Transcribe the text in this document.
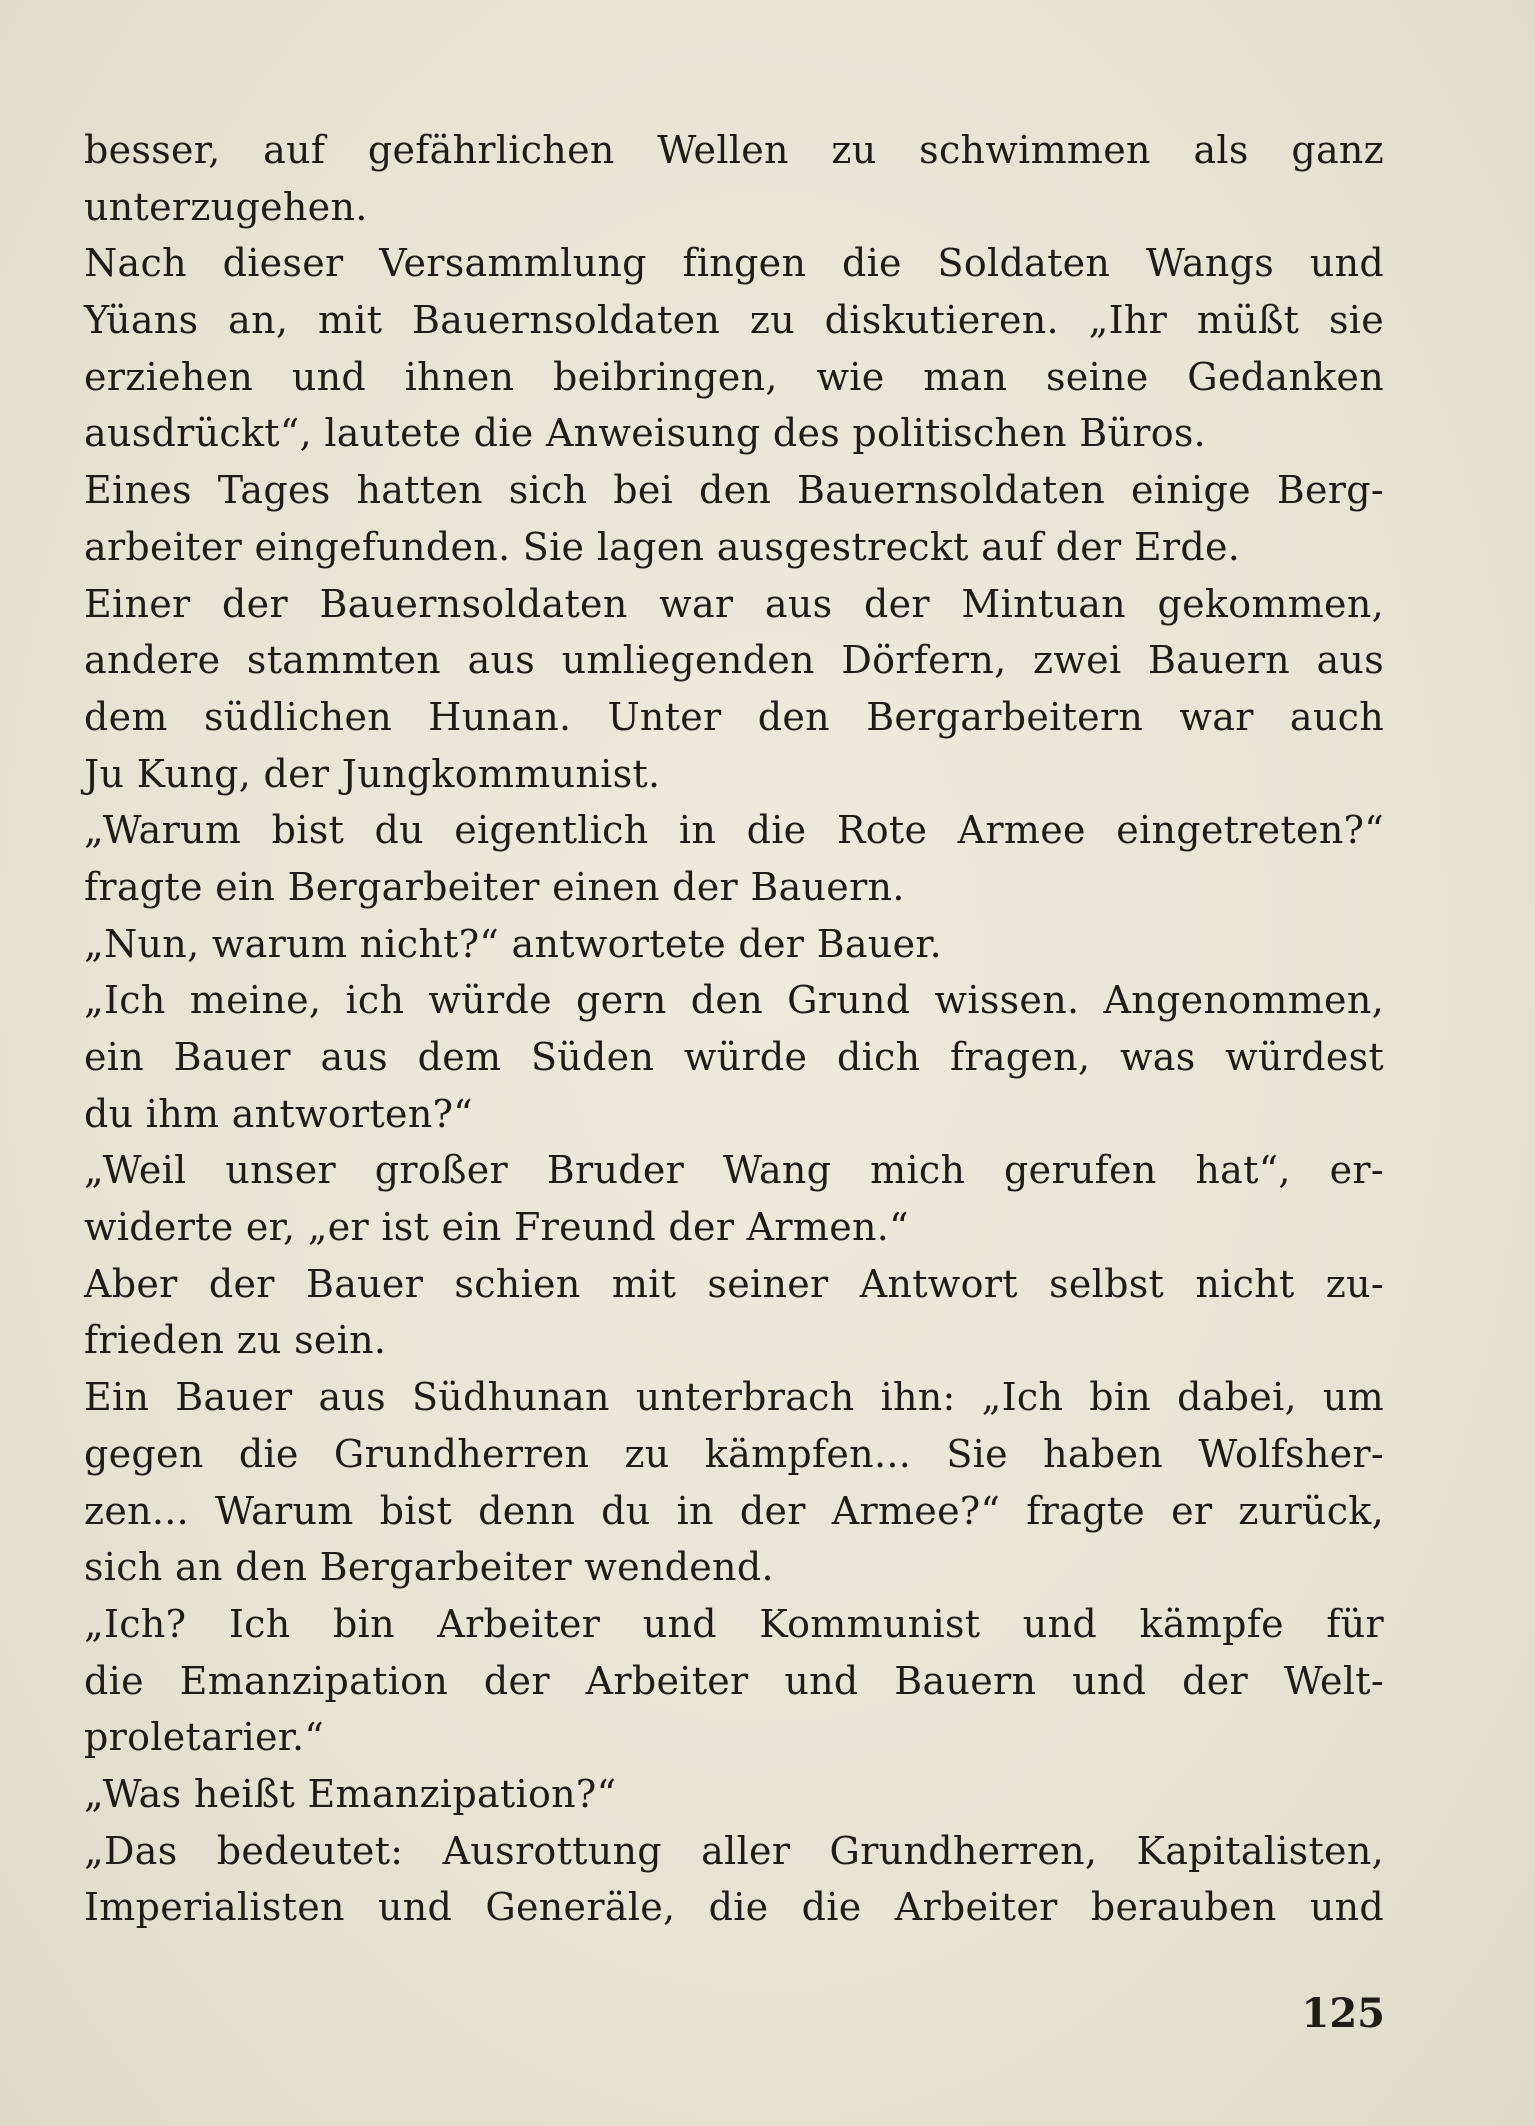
besser, auf gefährlichen Wellen zu schwimmen als ganz
unterzugehen.
Nach dieser Versammlung fingen die Soldaten Wangs und
Yüans an, mit Bauernsoldaten zu diskutieren. „Ihr müßt sie
erziehen und ihnen beibringen, wie man seine Gedanken
ausdrückt“, lautete die Anweisung des politischen Büros.
Eines Tages hatten sich bei den Bauernsoldaten einige Berg-
arbeiter eingefunden. Sie lagen ausgestreckt auf der Erde.
Einer der Bauernsoldaten war aus der Mintuan gekommen,
andere stammten aus umliegenden Dörfern, zwei Bauern aus
dem südlichen Hunan. Unter den Bergarbeitern war auch
Ju Kung, der Jungkommunist.
„Warum bist du eigentlich in die Rote Armee eingetreten?“
fragte ein Bergarbeiter einen der Bauern.
„Nun, warum nicht?“ antwortete der Bauer.
„Ich meine, ich würde gern den Grund wissen. Angenommen,
ein Bauer aus dem Süden würde dich fragen, was würdest
du ihm antworten?“
„Weil unser großer Bruder Wang mich gerufen hat“, er-
widerte er, „er ist ein Freund der Armen.“
Aber der Bauer schien mit seiner Antwort selbst nicht zu-
frieden zu sein.
Ein Bauer aus Südhunan unterbrach ihn: „Ich bin dabei, um
gegen die Grundherren zu kämpfen... Sie haben Wolfsher-
zen... Warum bist denn du in der Armee?“ fragte er zurück,
sich an den Bergarbeiter wendend.
„Ich? Ich bin Arbeiter und Kommunist und kämpfe für
die Emanzipation der Arbeiter und Bauern und der Welt-
proletarier.“
„Was heißt Emanzipation?“
„Das bedeutet: Ausrottung aller Grundherren, Kapitalisten,
Imperialisten und Generäle, die die Arbeiter berauben und
125
